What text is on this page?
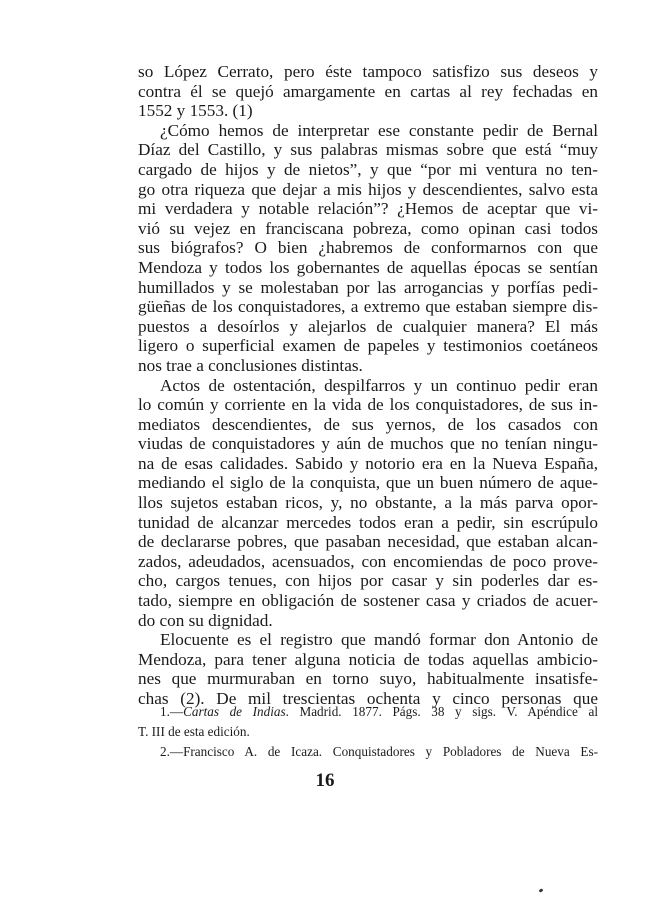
so López Cerrato, pero éste tampoco satisfizo sus deseos y
contra él se quejó amargamente en cartas al rey fechadas en
1552 y 1553. (1)
¿Cómo hemos de interpretar ese constante pedir de Bernal
Díaz del Castillo, y sus palabras mismas sobre que está “muy
cargado de hijos y de nietos”, y que “por mi ventura no ten-
go otra riqueza que dejar a mis hijos y descendientes, salvo esta
mi verdadera y notable relación”? ¿Hemos de aceptar que vi-
vió su vejez en franciscana pobreza, como opinan casi todos
sus biógrafos? O bien ¿habremos de conformarnos con que
Mendoza y todos los gobernantes de aquellas épocas se sentían
humillados y se molestaban por las arrogancias y porfías pedi-
güeñas de los conquistadores, a extremo que estaban siempre dis-
puestos a desoírlos y alejarlos de cualquier manera? El más
ligero o superficial examen de papeles y testimonios coetáneos
nos trae a conclusiones distintas.
Actos de ostentación, despilfarros y un continuo pedir eran
lo común y corriente en la vida de los conquistadores, de sus in-
mediatos descendientes, de sus yernos, de los casados con
viudas de conquistadores y aún de muchos que no tenían ningu-
na de esas calidades. Sabido y notorio era en la Nueva España,
mediando el siglo de la conquista, que un buen número de aque-
llos sujetos estaban ricos, y, no obstante, a la más parva opor-
tunidad de alcanzar mercedes todos eran a pedir, sin escrúpulo
de declararse pobres, que pasaban necesidad, que estaban alcan-
zados, adeudados, acensuados, con encomiendas de poco prove-
cho, cargos tenues, con hijos por casar y sin poderles dar es-
tado, siempre en obligación de sostener casa y criados de acuer-
do con su dignidad.
Elocuente es el registro que mandó formar don Antonio de
Mendoza, para tener alguna noticia de todas aquellas ambicio-
nes que murmuraban en torno suyo, habitualmente insatisfe-
chas (2). De mil trescientas ochenta y cinco personas que
1.—Cartas de Indias. Madrid. 1877. Págs. 38 y sigs. V. Apéndice al
T. III de esta edición.
2.—Francisco A. de Icaza. Conquistadores y Pobladores de Nueva Es-
16
